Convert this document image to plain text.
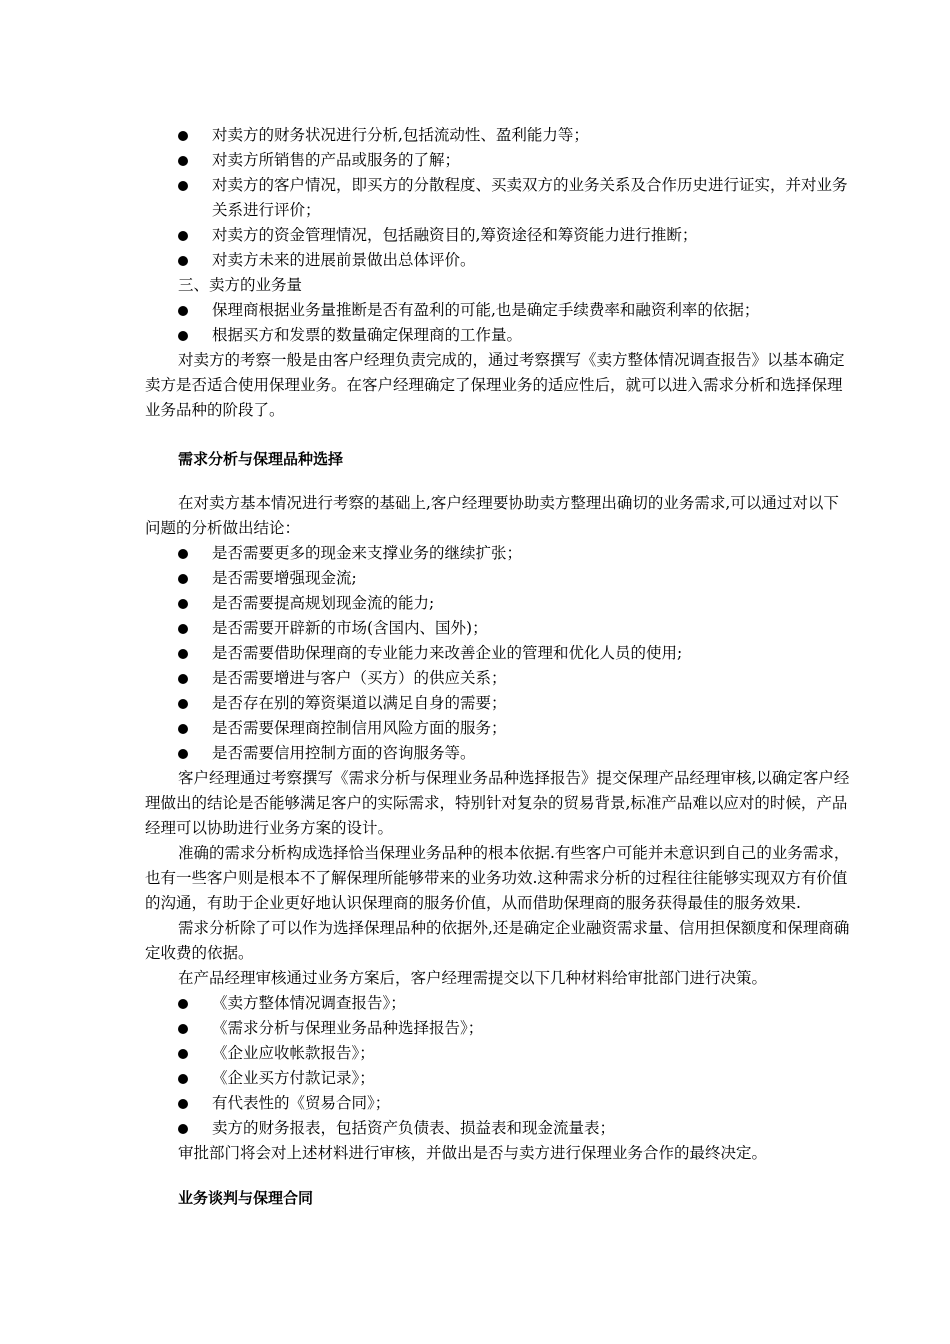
对卖方的财务状况进行分析,包括流动性、盈利能力等；
对卖方所销售的产品或服务的了解；
对卖方的客户情况，即买方的分散程度、买卖双方的业务关系及合作历史进行证实，并对业务
关系进行评价；
对卖方的资金管理情况，包括融资目的,筹资途径和筹资能力进行推断；
对卖方未来的进展前景做出总体评价。
三、卖方的业务量
保理商根据业务量推断是否有盈利的可能,也是确定手续费率和融资利率的依据；
根据买方和发票的数量确定保理商的工作量。
对卖方的考察一般是由客户经理负责完成的，通过考察撰写《卖方整体情况调查报告》以基本确定
卖方是否适合使用保理业务。在客户经理确定了保理业务的适应性后，就可以进入需求分析和选择保理
业务品种的阶段了。
需求分析与保理品种选择
在对卖方基本情况进行考察的基础上,客户经理要协助卖方整理出确切的业务需求,可以通过对以下
问题的分析做出结论：
是否需要更多的现金来支撑业务的继续扩张；
是否需要增强现金流;
是否需要提高规划现金流的能力;
是否需要开辟新的市场(含国内、国外)；
是否需要借助保理商的专业能力来改善企业的管理和优化人员的使用;
是否需要增进与客户（买方）的供应关系；
是否存在别的筹资渠道以满足自身的需要；
是否需要保理商控制信用风险方面的服务；
是否需要信用控制方面的咨询服务等。
客户经理通过考察撰写《需求分析与保理业务品种选择报告》提交保理产品经理审核,以确定客户经
理做出的结论是否能够满足客户的实际需求，特别针对复杂的贸易背景,标准产品难以应对的时候，产品
经理可以协助进行业务方案的设计。
准确的需求分析构成选择恰当保理业务品种的根本依据.有些客户可能并未意识到自己的业务需求，
也有一些客户则是根本不了解保理所能够带来的业务功效.这种需求分析的过程往往能够实现双方有价值
的沟通，有助于企业更好地认识保理商的服务价值，从而借助保理商的服务获得最佳的服务效果.
需求分析除了可以作为选择保理品种的依据外,还是确定企业融资需求量、信用担保额度和保理商确
定收费的依据。
在产品经理审核通过业务方案后，客户经理需提交以下几种材料给审批部门进行决策。
《卖方整体情况调查报告》；
《需求分析与保理业务品种选择报告》；
《企业应收帐款报告》；
《企业买方付款记录》；
有代表性的《贸易合同》；
卖方的财务报表，包括资产负债表、损益表和现金流量表；
审批部门将会对上述材料进行审核，并做出是否与卖方进行保理业务合作的最终决定。
业务谈判与保理合同
